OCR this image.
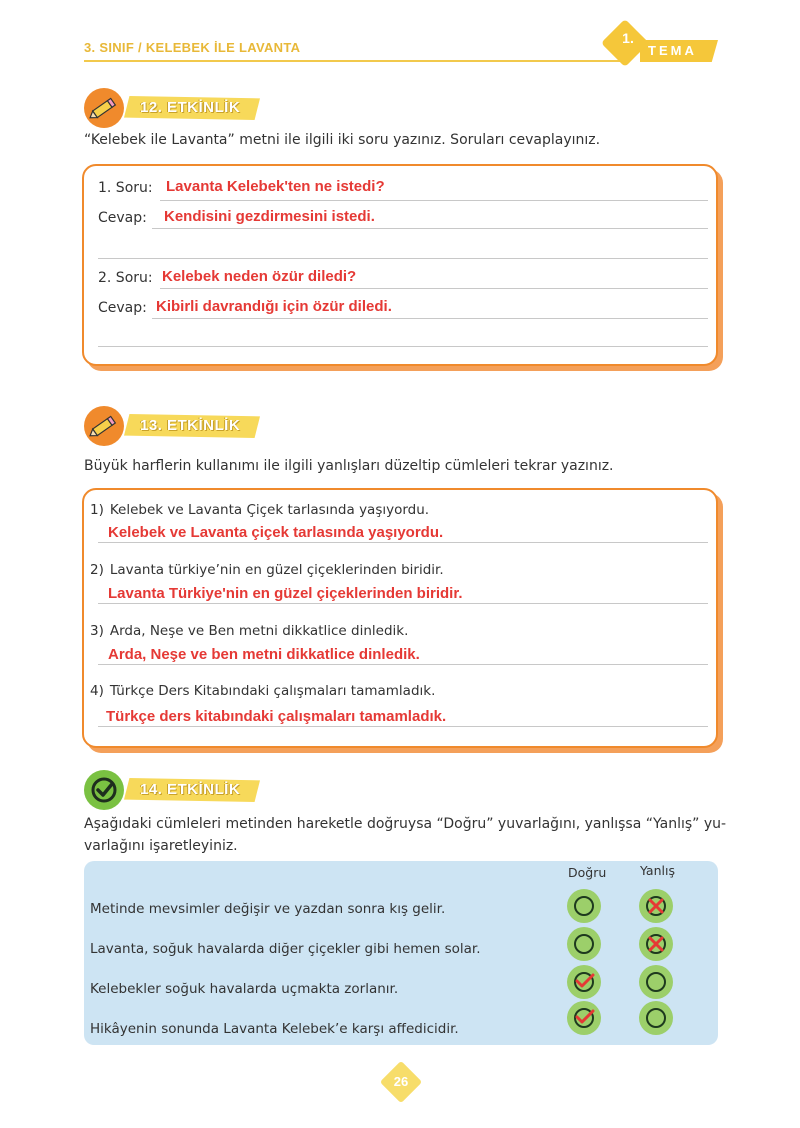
3. SINIF / KELEBEK İLE LAVANTA
1.
TEMA
12. ETKİNLİK
“Kelebek ile Lavanta” metni ile ilgili iki soru yazınız. Soruları cevaplayınız.
1. Soru: Lavanta Kelebek'ten ne istedi?
Cevap: Kendisini gezdirmesini istedi.
2. Soru: Kelebek neden özür diledi?
Cevap: Kibirli davrandığı için özür diledi.
13. ETKİNLİK
Büyük harflerin kullanımı ile ilgili yanlışları düzeltip cümleleri tekrar yazınız.
1) Kelebek ve Lavanta Çiçek tarlasında yaşıyordu.
Kelebek ve Lavanta çiçek tarlasında yaşıyordu.
2) Lavanta türkiye’nin en güzel çiçeklerinden biridir.
Lavanta Türkiye'nin en güzel çiçeklerinden biridir.
3) Arda, Neşe ve Ben metni dikkatlice dinledik.
Arda, Neşe ve ben metni dikkatlice dinledik.
4) Türkçe Ders Kitabındaki çalışmaları tamamladık.
Türkçe ders kitabındaki çalışmaları tamamladık.
14. ETKİNLİK
Aşağıdaki cümleleri metinden hareketle doğruysa “Doğru” yuvarlağını, yanlışsa “Yanlış” yu-
varlağını işaretleyiniz.
Doğru	Yanlış
Metinde mevsimler değişir ve yazdan sonra kış gelir.
Lavanta, soğuk havalarda diğer çiçekler gibi hemen solar.
Kelebekler soğuk havalarda uçmakta zorlanır.
Hikâyenin sonunda Lavanta Kelebek’e karşı affedicidir.
26
